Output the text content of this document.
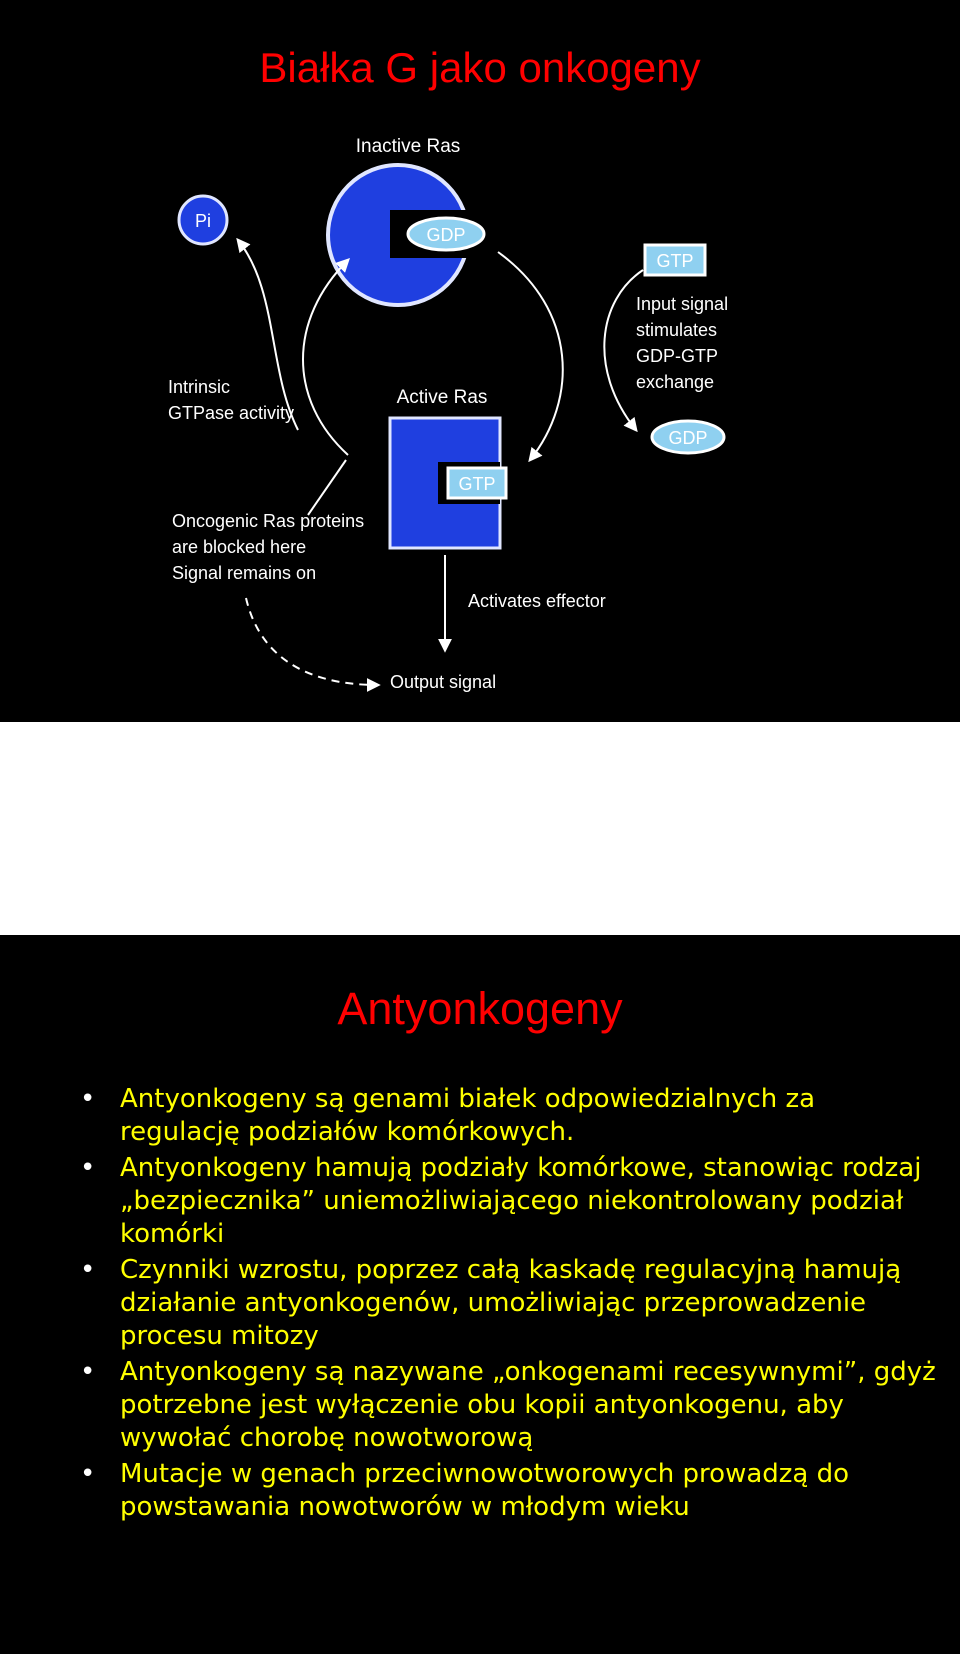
Białka G jako onkogeny
Inactive Ras
GDP
Pi
GTP
Input signal stimulates GDP-GTP exchange
GDP
Intrinsic GTPase activity
Active Ras
GTP
Oncogenic Ras proteins are blocked here Signal remains on
Activates effector
Output signal
Antyonkogeny
• Antyonkogeny są genami białek odpowiedzialnych za regulację podziałów komórkowych.
• Antyonkogeny hamują podziały komórkowe, stanowiąc rodzaj „bezpiecznika” uniemożliwiającego niekontrolowany podział komórki
• Czynniki wzrostu, poprzez całą kaskadę regulacyjną hamują działanie antyonkogenów, umożliwiając przeprowadzenie procesu mitozy
• Antyonkogeny są nazywane „onkogenami recesywnymi”, gdyż potrzebne jest wyłączenie obu kopii antyonkogenu, aby wywołać chorobę nowotworową
• Mutacje w genach przeciwnowotworowych prowadzą do powstawania nowotworów w młodym wieku
